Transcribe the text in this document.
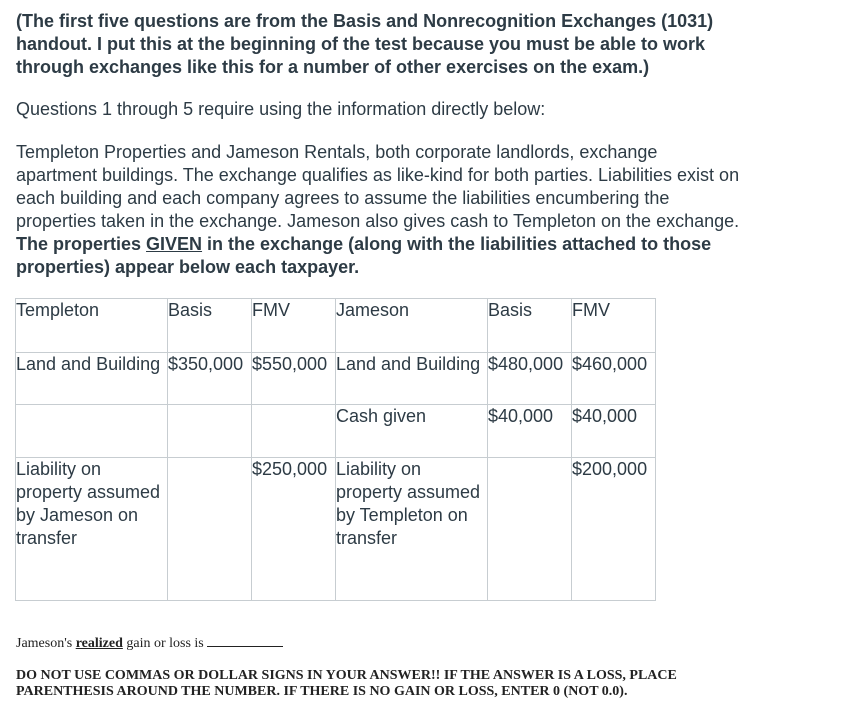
(The first five questions are from the Basis and Nonrecognition Exchanges (1031) handout. I put this at the beginning of the test because you must be able to work through exchanges like this for a number of other exercises on the exam.)
Questions 1 through 5 require using the information directly below:
Templeton Properties and Jameson Rentals, both corporate landlords, exchange apartment buildings. The exchange qualifies as like-kind for both parties. Liabilities exist on each building and each company agrees to assume the liabilities encumbering the properties taken in the exchange. Jameson also gives cash to Templeton on the exchange. The properties GIVEN in the exchange (along with the liabilities attached to those properties) appear below each taxpayer.
Templeton	Basis	FMV	Jameson	Basis	FMV
Land and Building	$350,000	$550,000	Land and Building	$480,000	$460,000
			Cash given	$40,000	$40,000
Liability on property assumed by Jameson on transfer		$250,000	Liability on property assumed by Templeton on transfer		$200,000
Jameson's realized gain or loss is
DO NOT USE COMMAS OR DOLLAR SIGNS IN YOUR ANSWER!! IF THE ANSWER IS A LOSS, PLACE PARENTHESIS AROUND THE NUMBER. IF THERE IS NO GAIN OR LOSS, ENTER 0 (NOT 0.0).
